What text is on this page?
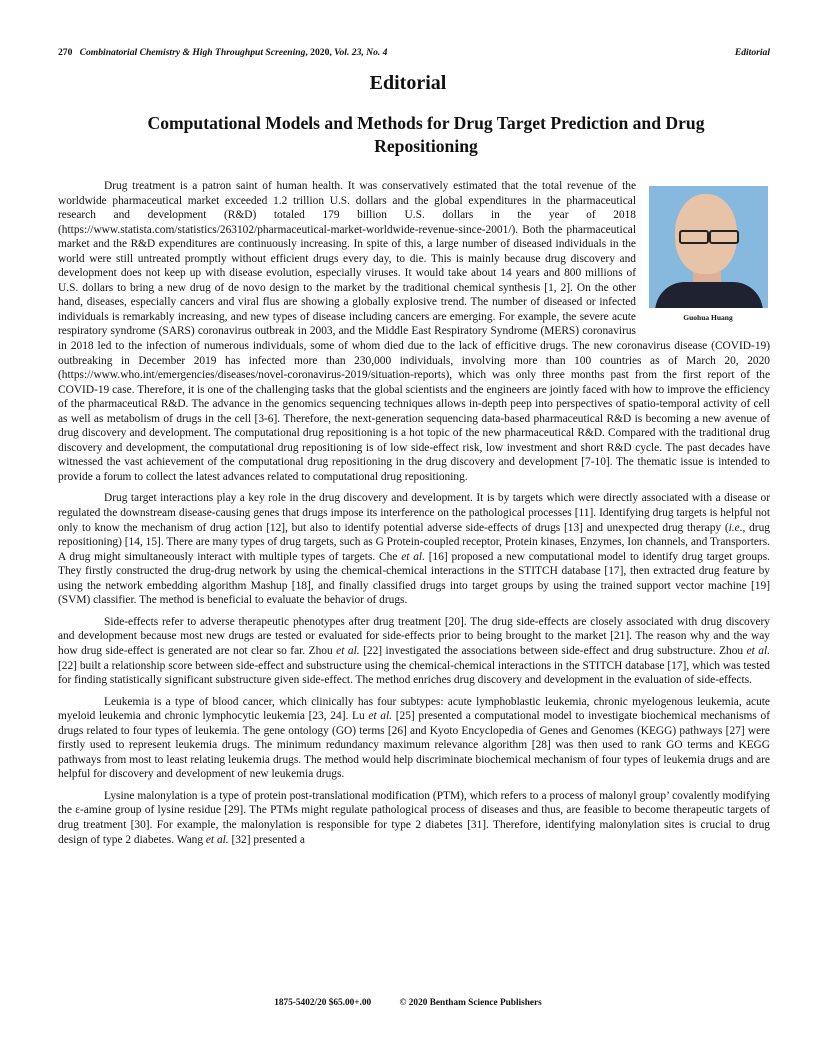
270 Combinatorial Chemistry & High Throughput Screening, 2020, Vol. 23, No. 4	Editorial
Editorial
Computational Models and Methods for Drug Target Prediction and Drug Repositioning
Guohua Huang

Drug treatment is a patron saint of human health. It was conservatively estimated that the total revenue of the worldwide pharmaceutical market exceeded 1.2 trillion U.S. dollars and the global expenditures in the pharmaceutical research and development (R&D) totaled 179 billion U.S. dollars in the year of 2018 (https://www.statista.com/statistics/263102/pharmaceutical-market-worldwide-revenue-since-2001/). Both the pharmaceutical market and the R&D expenditures are continuously increasing. In spite of this, a large number of diseased individuals in the world were still untreated promptly without efficient drugs every day, to die. This is mainly because drug discovery and development does not keep up with disease evolution, especially viruses. It would take about 14 years and 800 millions of U.S. dollars to bring a new drug of de novo design to the market by the traditional chemical synthesis [1, 2]. On the other hand, diseases, especially cancers and viral flus are showing a globally explosive trend. The number of diseased or infected individuals is remarkably increasing, and new types of disease including cancers are emerging. For example, the severe acute respiratory syndrome (SARS) coronavirus outbreak in 2003, and the Middle East Respiratory Syndrome (MERS) coronavirus in 2018 led to the infection of numerous individuals, some of whom died due to the lack of efficitive drugs. The new coronavirus disease (COVID-19) outbreaking in December 2019 has infected more than 230,000 individuals, involving more than 100 countries as of March 20, 2020 (https://www.who.int/emergencies/diseases/novel-coronavirus-2019/situation-reports), which was only three months past from the first report of the COVID-19 case. Therefore, it is one of the challenging tasks that the global scientists and the engineers are jointly faced with how to improve the efficiency of the pharmaceutical R&D. The advance in the genomics sequencing techniques allows in-depth peep into perspectives of spatio-temporal activity of cell as well as metabolism of drugs in the cell [3-6]. Therefore, the next-generation sequencing data-based pharmaceutical R&D is becoming a new avenue of drug discovery and development. The computational drug repositioning is a hot topic of the new pharmaceutical R&D. Compared with the traditional drug discovery and development, the computational drug repositioning is of low side-effect risk, low investment and short R&D cycle. The past decades have witnessed the vast achievement of the computational drug repositioning in the drug discovery and development [7-10]. The thematic issue is intended to provide a forum to collect the latest advances related to computational drug repositioning.

Drug target interactions play a key role in the drug discovery and development. It is by targets which were directly associated with a disease or regulated the downstream disease-causing genes that drugs impose its interference on the pathological processes [11]. Identifying drug targets is helpful not only to know the mechanism of drug action [12], but also to identify potential adverse side-effects of drugs [13] and unexpected drug therapy (i.e., drug repositioning) [14, 15]. There are many types of drug targets, such as G Protein-coupled receptor, Protein kinases, Enzymes, Ion channels, and Transporters. A drug might simultaneously interact with multiple types of targets. Che et al. [16] proposed a new computational model to identify drug target groups. They firstly constructed the drug-drug network by using the chemical-chemical interactions in the STITCH database [17], then extracted drug feature by using the network embedding algorithm Mashup [18], and finally classified drugs into target groups by using the trained support vector machine [19] (SVM) classifier. The method is beneficial to evaluate the behavior of drugs.

Side-effects refer to adverse therapeutic phenotypes after drug treatment [20]. The drug side-effects are closely associated with drug discovery and development because most new drugs are tested or evaluated for side-effects prior to being brought to the market [21]. The reason why and the way how drug side-effect is generated are not clear so far. Zhou et al. [22] investigated the associations between side-effect and drug substructure. Zhou et al. [22] built a relationship score between side-effect and substructure using the chemical-chemical interactions in the STITCH database [17], which was tested for finding statistically significant substructure given side-effect. The method enriches drug discovery and development in the evaluation of side-effects.

Leukemia is a type of blood cancer, which clinically has four subtypes: acute lymphoblastic leukemia, chronic myelogenous leukemia, acute myeloid leukemia and chronic lymphocytic leukemia [23, 24]. Lu et al. [25] presented a computational model to investigate biochemical mechanisms of drugs related to four types of leukemia. The gene ontology (GO) terms [26] and Kyoto Encyclopedia of Genes and Genomes (KEGG) pathways [27] were firstly used to represent leukemia drugs. The minimum redundancy maximum relevance algorithm [28] was then used to rank GO terms and KEGG pathways from most to least relating leukemia drugs. The method would help discriminate biochemical mechanism of four types of leukemia drugs and are helpful for discovery and development of new leukemia drugs.

Lysine malonylation is a type of protein post-translational modification (PTM), which refers to a process of malonyl group’ covalently modifying the ε-amine group of lysine residue [29]. The PTMs might regulate pathological process of diseases and thus, are feasible to become therapeutic targets of drug treatment [30]. For example, the malonylation is responsible for type 2 diabetes [31]. Therefore, identifying malonylation sites is crucial to drug design of type 2 diabetes. Wang et al. [32] presented a

1875-5402/20 $65.00+.00	© 2020 Bentham Science Publishers
